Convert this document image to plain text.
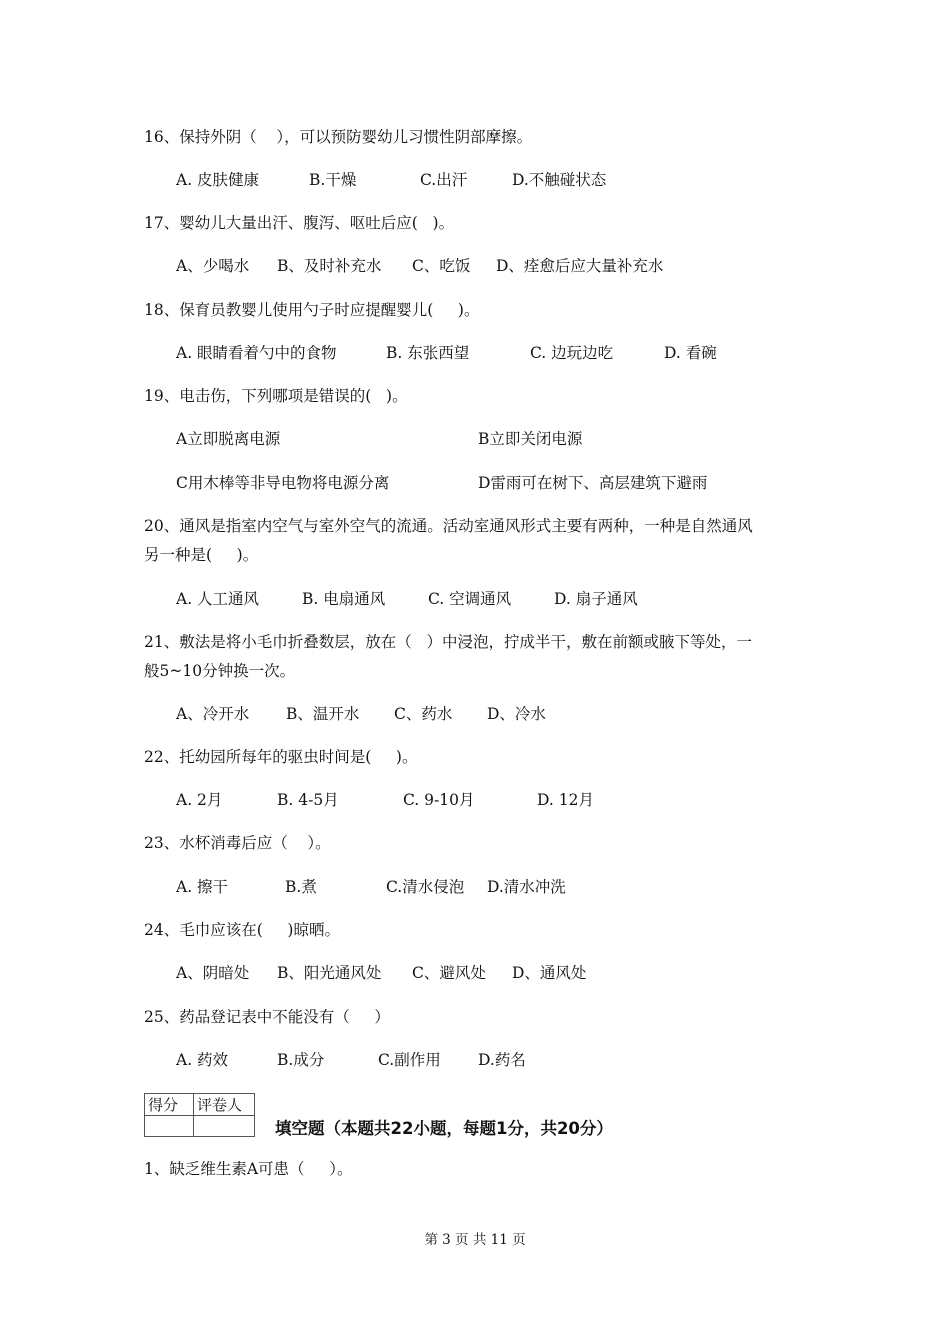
16、保持外阴（    ），可以预防婴幼儿习惯性阴部摩擦。
A. 皮肤健康	B.干燥	C.出汗	D.不触碰状态
17、婴幼儿大量出汗、腹泻、呕吐后应(   )。
A、少喝水 B、及时补充水 C、吃饭 D、痊愈后应大量补充水
18、保育员教婴儿使用勺子时应提醒婴儿(     )。
A. 眼睛看着勺中的食物	B. 东张西望	C. 边玩边吃	D. 看碗
19、电击伤，下列哪项是错误的(   )。
A立即脱离电源	B立即关闭电源
C用木棒等非导电物将电源分离	D雷雨可在树下、高层建筑下避雨
20、通风是指室内空气与室外空气的流通。活动室通风形式主要有两种，一种是自然通风
另一种是(     )。
A. 人工通风	B. 电扇通风	C. 空调通风	D. 扇子通风
21、敷法是将小毛巾折叠数层，放在（   ）中浸泡，拧成半干，敷在前额或腋下等处，一
般5~10分钟换一次。
A、冷开水 B、温开水 C、药水 D、冷水
22、托幼园所每年的驱虫时间是(     )。
A. 2月	B. 4-5月	C. 9-10月	D. 12月
23、水杯消毒后应（    ）。
A. 擦干	B.煮	C.清水侵泡 D.清水冲洗
24、毛巾应该在(     )晾晒。
A、阴暗处 B、阳光通风处 C、避风处 D、通风处
25、药品登记表中不能没有（     ）
A. 药效	B.成分	C.副作用 D.药名
得分	评卷人

填空题（本题共22小题，每题1分，共20分）
1、缺乏维生素A可患（     ）。
第 3 页 共 11 页
